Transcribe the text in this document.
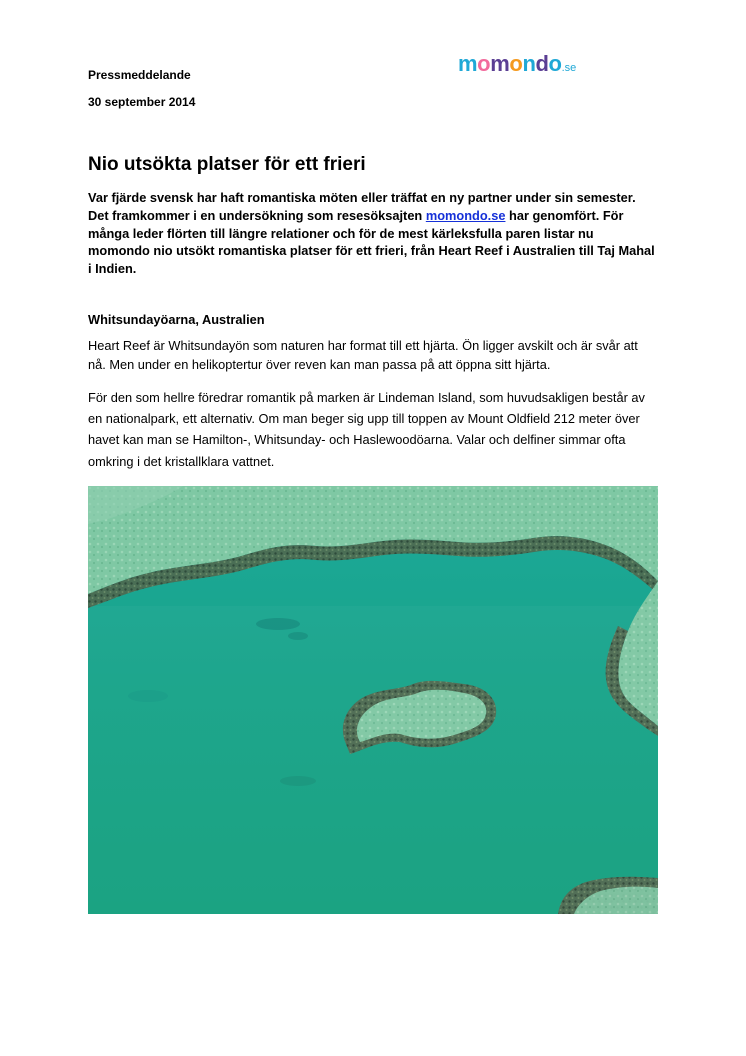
Pressmeddelande
30 september 2014
momondo.se
Nio utsökta platser för ett frieri
Var fjärde svensk har haft romantiska möten eller träffat en ny partner under sin semester. Det framkommer i en undersökning som resesöksajten momondo.se har genomfört. För många leder flörten till längre relationer och för de mest kärleksfulla paren listar nu momondo nio utsökt romantiska platser för ett frieri, från Heart Reef i Australien till Taj Mahal i Indien.
Whitsundayöarna, Australien

Heart Reef är Whitsundayön som naturen har format till ett hjärta. Ön ligger avskilt och är svår att nå. Men under en helikoptertur över reven kan man passa på att öppna sitt hjärta.

För den som hellre föredrar romantik på marken är Lindeman Island, som huvudsakligen består av en nationalpark, ett alternativ. Om man beger sig upp till toppen av Mount Oldfield 212 meter över havet kan man se Hamilton-, Whitsunday- och Haslewoodöarna. Valar och delfiner simmar ofta omkring i det kristallklara vattnet.
